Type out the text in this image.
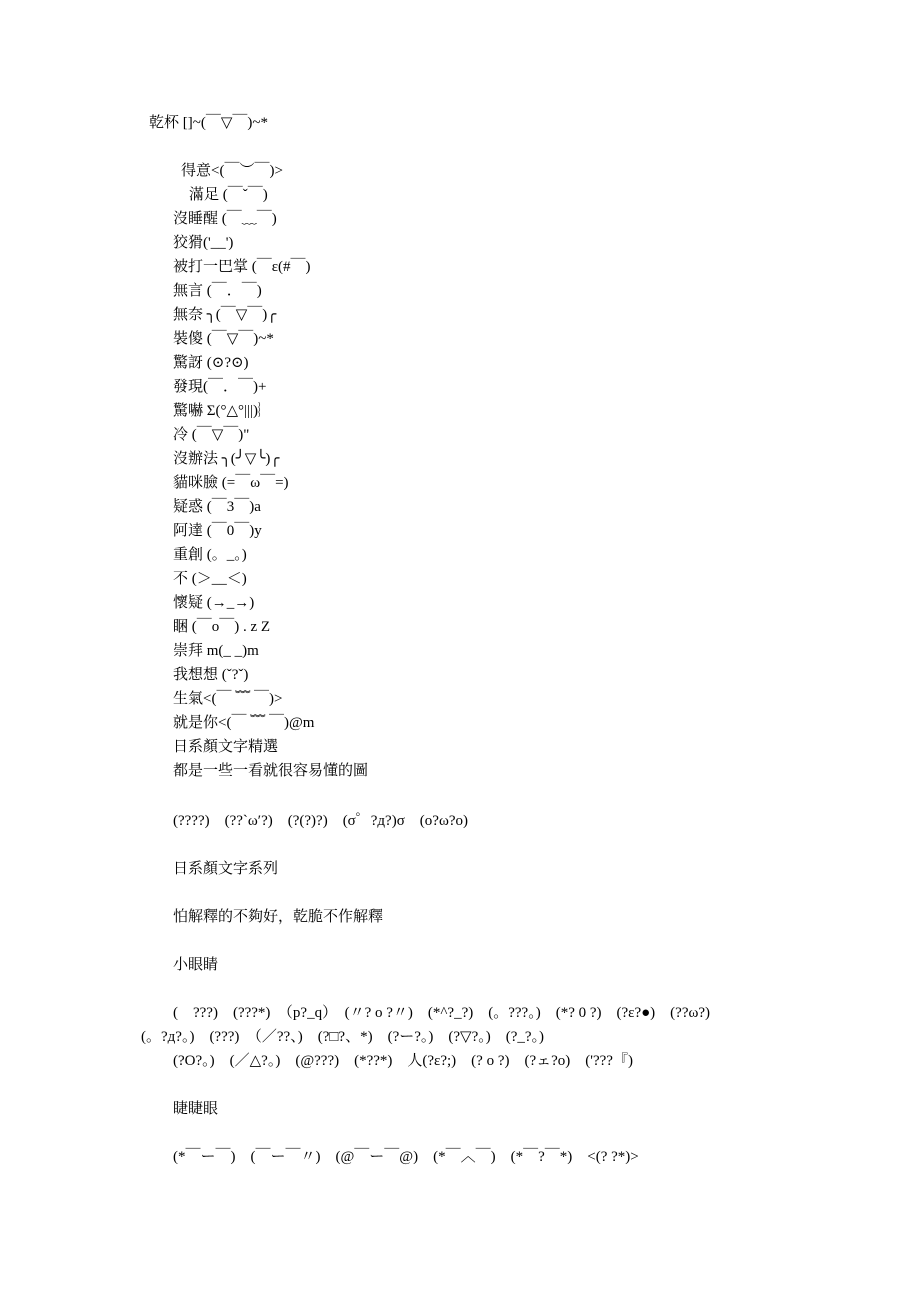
乾杯 []~(￣▽￣)~*
得意<(￣︶￣)>
滿足 (￣ˇ￣)
沒睡醒 (￣﹏￣)
狡猾('__')
被打一巴掌 (￣ε(#￣)
無言 (￣．￣)
無奈 ╮(￣▽￣)╭
裝傻 (￣▽￣)~*
驚訝 (⊙?⊙)
發現(￣．￣)+
驚嚇 Σ(°△°|||)︴
冷 (￣▽￣)"
沒辦法 ╮(╯▽╰)╭
貓咪臉 (=￣ω￣=)
疑惑 (￣3￣)a
阿達 (￣0￣)y
重創 (。_。)
不 (＞__＜)
懷疑 (→_→)
睏 (￣o￣) . z Z
崇拜 m(_ _)m
我想想 (ˇ?ˇ)
生氣<(￣ ﹌ ￣)>
就是你<(￣ ﹌ ￣)@m
日系顏文字精選
都是一些一看就很容易懂的圖
(????)　(??`ω′?)　(?(?)?)　(σ゜?д?)σ　(o?ω?o)
日系顏文字系列
怕解釋的不夠好，乾脆不作解釋
小眼睛
(　???)　(???*)　（p?_q）　(〃? o ?〃)　(*^?_?)　(。???。)　(*? 0 ?)　(?ε?●)　(??ω?)
(。?д?。)　(???)　（／??、)　(?□?、*)　(?ー?。)　(?▽?。)　(?_?。)
(?O?。)　(／△?。)　(@???)　(*??*)　人(?ε?;)　(? o ?)　(?ェ?o)　('???『)
睫睫眼
(*￣ー￣)　(￣ー￣〃)　(@￣ー￣@)　(*￣︿￣)　(*￣?￣*)　<(? ?*)>
